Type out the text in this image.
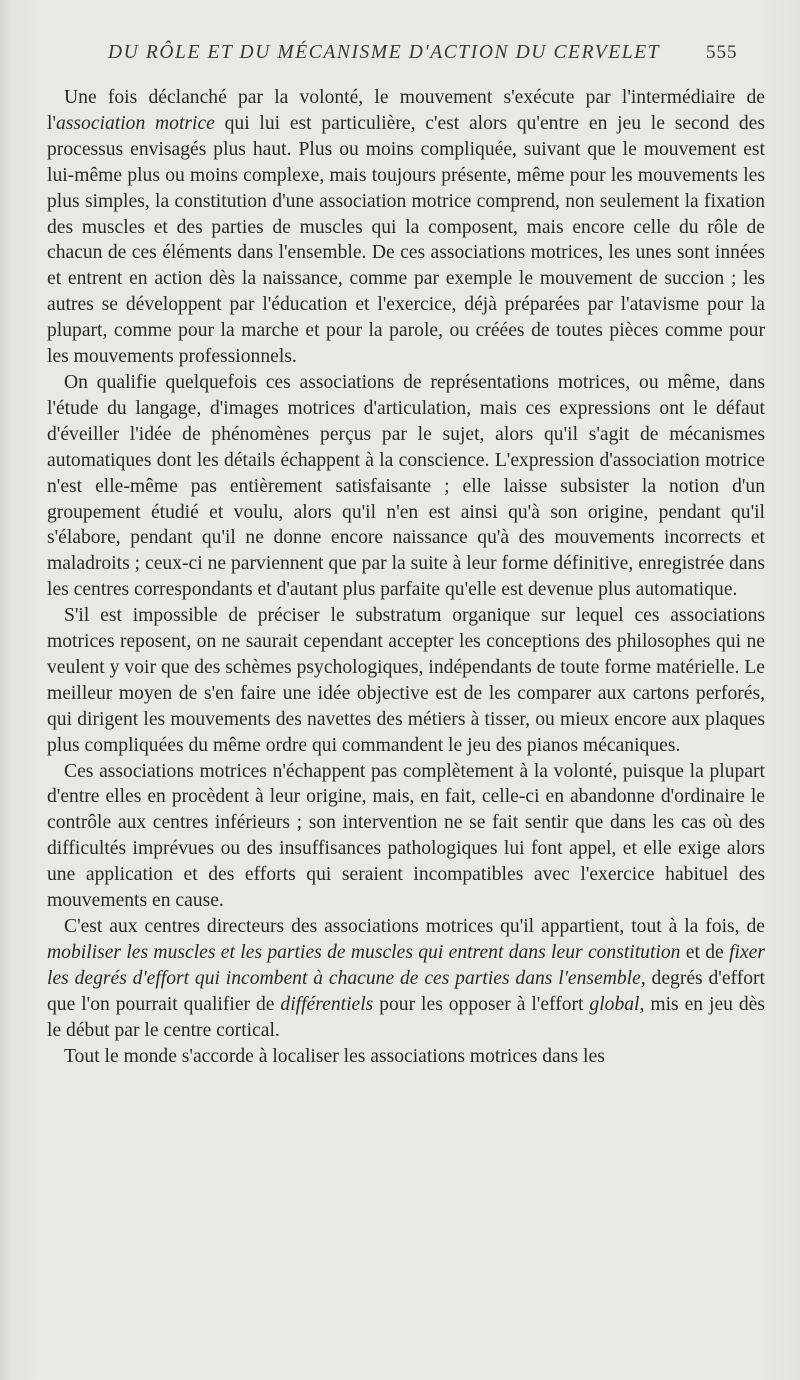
DU RÔLE ET DU MÉCANISME D'ACTION DU CERVELET 555

Une fois déclanché par la volonté, le mouvement s'exécute par l'intermédiaire de l'association motrice qui lui est particulière, c'est alors qu'entre en jeu le second des processus envisagés plus haut. Plus ou moins compliquée, suivant que le mouvement est lui-même plus ou moins complexe, mais toujours présente, même pour les mouvements les plus simples, la constitution d'une association motrice comprend, non seulement la fixation des muscles et des parties de muscles qui la composent, mais encore celle du rôle de chacun de ces éléments dans l'ensemble. De ces associations motrices, les unes sont innées et entrent en action dès la naissance, comme par exemple le mouvement de succion ; les autres se développent par l'éducation et l'exercice, déjà préparées par l'atavisme pour la plupart, comme pour la marche et pour la parole, ou créées de toutes pièces comme pour les mouvements professionnels.

On qualifie quelquefois ces associations de représentations motrices, ou même, dans l'étude du langage, d'images motrices d'articulation, mais ces expressions ont le défaut d'éveiller l'idée de phénomènes perçus par le sujet, alors qu'il s'agit de mécanismes automatiques dont les détails échappent à la conscience. L'expression d'association motrice n'est elle-même pas entièrement satisfaisante ; elle laisse subsister la notion d'un groupement étudié et voulu, alors qu'il n'en est ainsi qu'à son origine, pendant qu'il s'élabore, pendant qu'il ne donne encore naissance qu'à des mouvements incorrects et maladroits ; ceux-ci ne parviennent que par la suite à leur forme définitive, enregistrée dans les centres correspondants et d'autant plus parfaite qu'elle est devenue plus automatique.

S'il est impossible de préciser le substratum organique sur lequel ces associations motrices reposent, on ne saurait cependant accepter les conceptions des philosophes qui ne veulent y voir que des schèmes psychologiques, indépendants de toute forme matérielle. Le meilleur moyen de s'en faire une idée objective est de les comparer aux cartons perforés, qui dirigent les mouvements des navettes des métiers à tisser, ou mieux encore aux plaques plus compliquées du même ordre qui commandent le jeu des pianos mécaniques.

Ces associations motrices n'échappent pas complètement à la volonté, puisque la plupart d'entre elles en procèdent à leur origine, mais, en fait, celle-ci en abandonne d'ordinaire le contrôle aux centres inférieurs ; son intervention ne se fait sentir que dans les cas où des difficultés imprévues ou des insuffisances pathologiques lui font appel, et elle exige alors une application et des efforts qui seraient incompatibles avec l'exercice habituel des mouvements en cause.

C'est aux centres directeurs des associations motrices qu'il appartient, tout à la fois, de mobiliser les muscles et les parties de muscles qui entrent dans leur constitution et de fixer les degrés d'effort qui incombent à chacune de ces parties dans l'ensemble, degrés d'effort que l'on pourrait qualifier de différentiels pour les opposer à l'effort global, mis en jeu dès le début par le centre cortical.

Tout le monde s'accorde à localiser les associations motrices dans les
